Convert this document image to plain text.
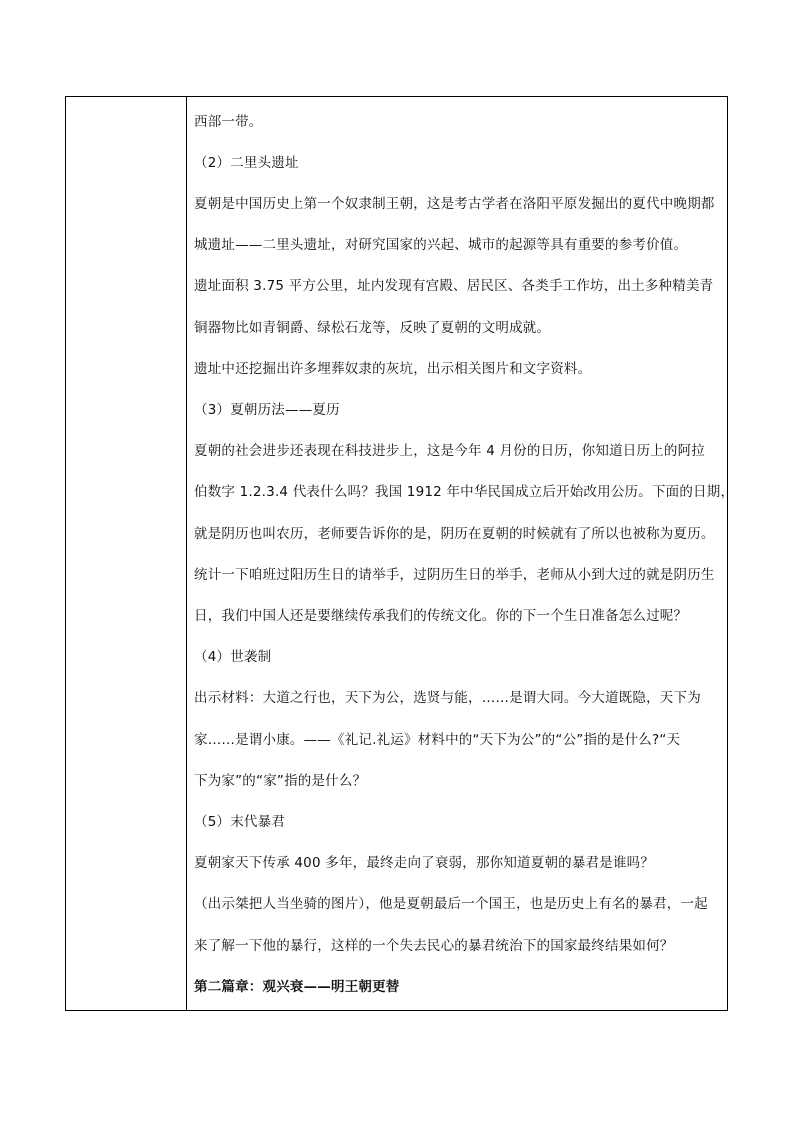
西部一带。
（2）二里头遗址
夏朝是中国历史上第一个奴隶制王朝，这是考古学者在洛阳平原发掘出的夏代中晚期都
城遗址——二里头遗址，对研究国家的兴起、城市的起源等具有重要的参考价值。
遗址面积 3.75 平方公里，址内发现有宫殿、居民区、各类手工作坊，出土多种精美青
铜器物比如青铜爵、绿松石龙等，反映了夏朝的文明成就。
遗址中还挖掘出许多埋葬奴隶的灰坑，出示相关图片和文字资料。
（3）夏朝历法——夏历
夏朝的社会进步还表现在科技进步上，这是今年 4 月份的日历，你知道日历上的阿拉
伯数字 1.2.3.4 代表什么吗？我国 1912 年中华民国成立后开始改用公历。下面的日期，
就是阴历也叫农历，老师要告诉你的是，阴历在夏朝的时候就有了所以也被称为夏历。
统计一下咱班过阳历生日的请举手，过阴历生日的举手，老师从小到大过的就是阴历生
日，我们中国人还是要继续传承我们的传统文化。你的下一个生日准备怎么过呢？
（4）世袭制
出示材料：大道之行也，天下为公，选贤与能，……是谓大同。今大道既隐，天下为
家……是谓小康。——《礼记.礼运》材料中的“天下为公”的“公”指的是什么?“天
下为家”的“家”指的是什么？
（5）末代暴君
夏朝家天下传承 400 多年，最终走向了衰弱，那你知道夏朝的暴君是谁吗？
（出示桀把人当坐骑的图片），他是夏朝最后一个国王，也是历史上有名的暴君，一起
来了解一下他的暴行，这样的一个失去民心的暴君统治下的国家最终结果如何？
第二篇章：观兴衰——明王朝更替
